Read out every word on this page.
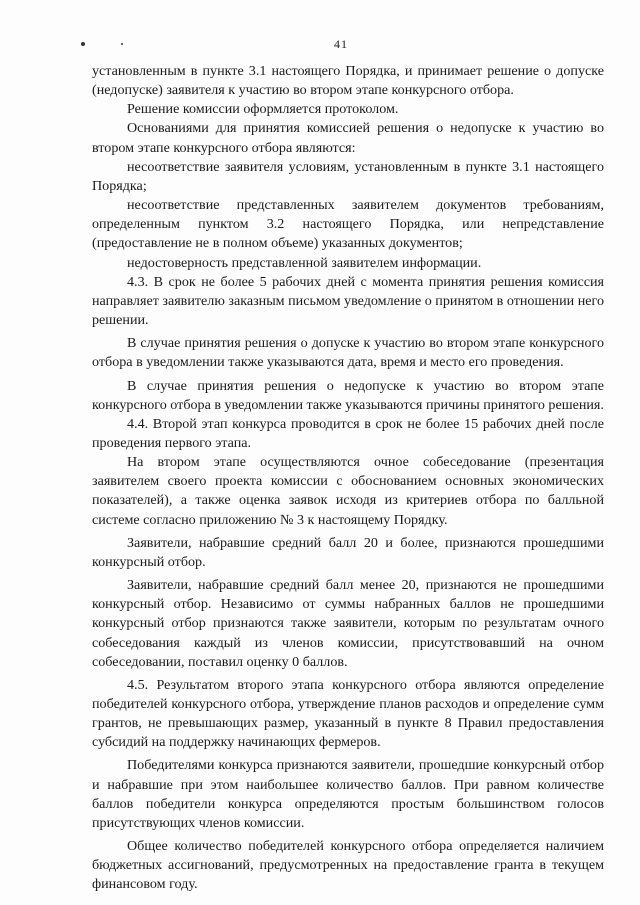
41

установленным в пункте 3.1 настоящего Порядка, и принимает решение о допуске (недопуске) заявителя к участию во втором этапе конкурсного отбора.

Решение комиссии оформляется протоколом.

Основаниями для принятия комиссией решения о недопуске к участию во втором этапе конкурсного отбора являются:

несоответствие заявителя условиям, установленным в пункте 3.1 настоящего Порядка;

несоответствие представленных заявителем документов требованиям, определенным пунктом 3.2 настоящего Порядка, или непредставление (предоставление не в полном объеме) указанных документов;

недостоверность представленной заявителем информации.

4.3. В срок не более 5 рабочих дней с момента принятия решения комиссия направляет заявителю заказным письмом уведомление о принятом в отношении него решении.

В случае принятия решения о допуске к участию во втором этапе конкурсного отбора в уведомлении также указываются дата, время и место его проведения.

В случае принятия решения о недопуске к участию во втором этапе конкурсного отбора в уведомлении также указываются причины принятого решения.

4.4. Второй этап конкурса проводится в срок не более 15 рабочих дней после проведения первого этапа.

На втором этапе осуществляются очное собеседование (презентация заявителем своего проекта комиссии с обоснованием основных экономических показателей), а также оценка заявок исходя из критериев отбора по балльной системе согласно приложению № 3 к настоящему Порядку.

Заявители, набравшие средний балл 20 и более, признаются прошедшими конкурсный отбор.

Заявители, набравшие средний балл менее 20, признаются не прошедшими конкурсный отбор. Независимо от суммы набранных баллов не прошедшими конкурсный отбор признаются также заявители, которым по результатам очного собеседования каждый из членов комиссии, присутствовавший на очном собеседовании, поставил оценку 0 баллов.

4.5. Результатом второго этапа конкурсного отбора являются определение победителей конкурсного отбора, утверждение планов расходов и определение сумм грантов, не превышающих размер, указанный в пункте 8 Правил предоставления субсидий на поддержку начинающих фермеров.

Победителями конкурса признаются заявители, прошедшие конкурсный отбор и набравшие при этом наибольшее количество баллов. При равном количестве баллов победители конкурса определяются простым большинством голосов присутствующих членов комиссии.

Общее количество победителей конкурсного отбора определяется наличием бюджетных ассигнований, предусмотренных на предоставление гранта в текущем финансовом году.
